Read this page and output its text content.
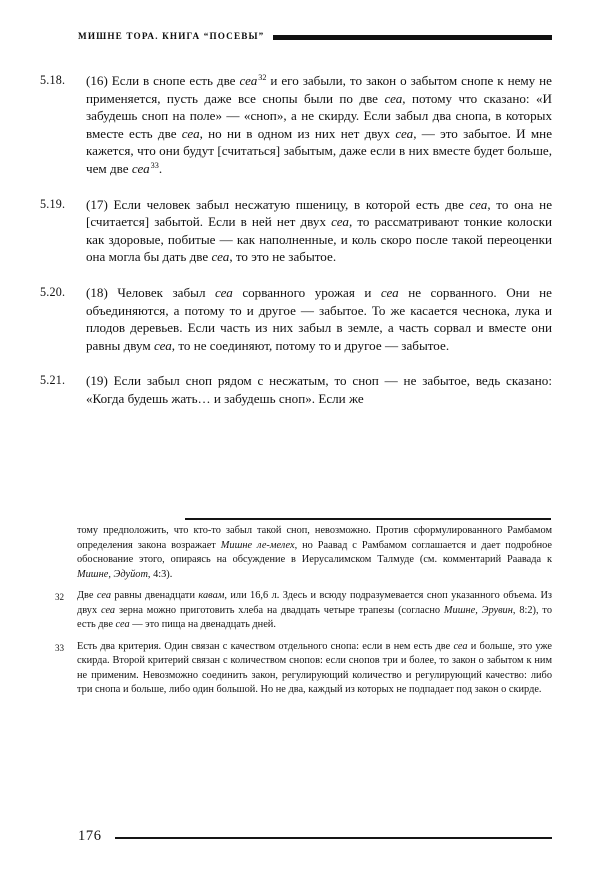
МИШНЕ ТОРА. КНИГА “ПОСЕВЫ”
5.18.	(16) Если в снопе есть две сеа$^{32}$ и его забыли, то закон о забытом снопе к нему не применяется, пусть даже все снопы были по две сеа, потому что сказано: «И забудешь сноп на поле» — «сноп», а не скирду. Если забыл два снопа, в которых вместе есть две сеа, но ни в одном из них нет двух сеа, — это забытое. И мне кажется, что они будут [считаться] забытым, даже если в них вместе будет больше, чем две сеа$^{33}$.
5.19.	(17) Если человек забыл несжатую пшеницу, в которой есть две сеа, то она не [считается] забытой. Если в ней нет двух сеа, то рассматривают тонкие колоски как здоровые, побитые — как наполненные, и коль скоро после такой переоценки она могла бы дать две сеа, то это не забытое.
5.20.	(18) Человек забыл сеа сорванного урожая и сеа не сорванного. Они не объединяются, а потому то и другое — забытое. То же касается чеснока, лука и плодов деревьев. Если часть из них забыл в земле, а часть сорвал и вместе они равны двум сеа, то не соединяют, потому то и другое — забытое.
5.21.	(19) Если забыл сноп рядом с несжатым, то сноп — не забытое, ведь сказано: «Когда будешь жать… и забудешь сноп». Если же
тому предположить, что кто-то забыл такой сноп, невозможно. Против сформулированного Рамбамом определения закона возражает Мишне ле-мелех, но Раавад с Рамбамом соглашается и дает подробное обоснование этого, опираясь на обсуждение в Иерусалимском Талмуде (см. комментарий Раавада к Мишне, Эдуйот, 4:3).
32	Две сеа равны двенадцати кавам, или 16,6 л. Здесь и всюду подразумевается сноп указанного объема. Из двух сеа зерна можно приготовить хлеба на двадцать четыре трапезы (согласно Мишне, Эрувин, 8:2), то есть две сеа — это пища на двенадцать дней.
33	Есть два критерия. Один связан с качеством отдельного снопа: если в нем есть две сеа и больше, это уже скирда. Второй критерий связан с количеством снопов: если снопов три и более, то закон о забытом к ним не применим. Невозможно соединить закон, регулирующий количество и регулирующий качество: либо три снопа и больше, либо один большой. Но не два, каждый из которых не подпадает под закон о скирде.
176
